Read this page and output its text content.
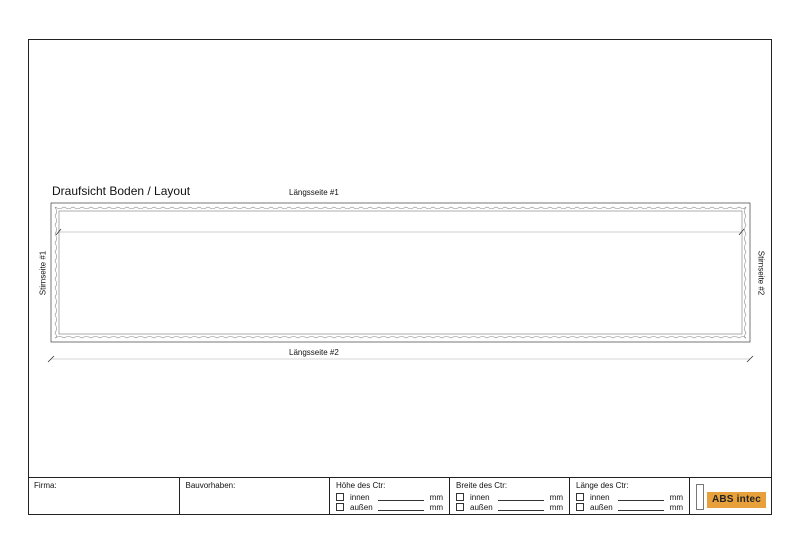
Draufsicht Boden / Layout	Längsseite #1
Längsseite #2
Stirnseite #1	Stirnseite #2
Firma:	Bauvorhaben:	Höhe des Ctr:
innen	mm
außen	mm
Breite des Ctr:
innen	mm
außen	mm
Länge des Ctr:
innen	mm
außen	mm
ABS intec
